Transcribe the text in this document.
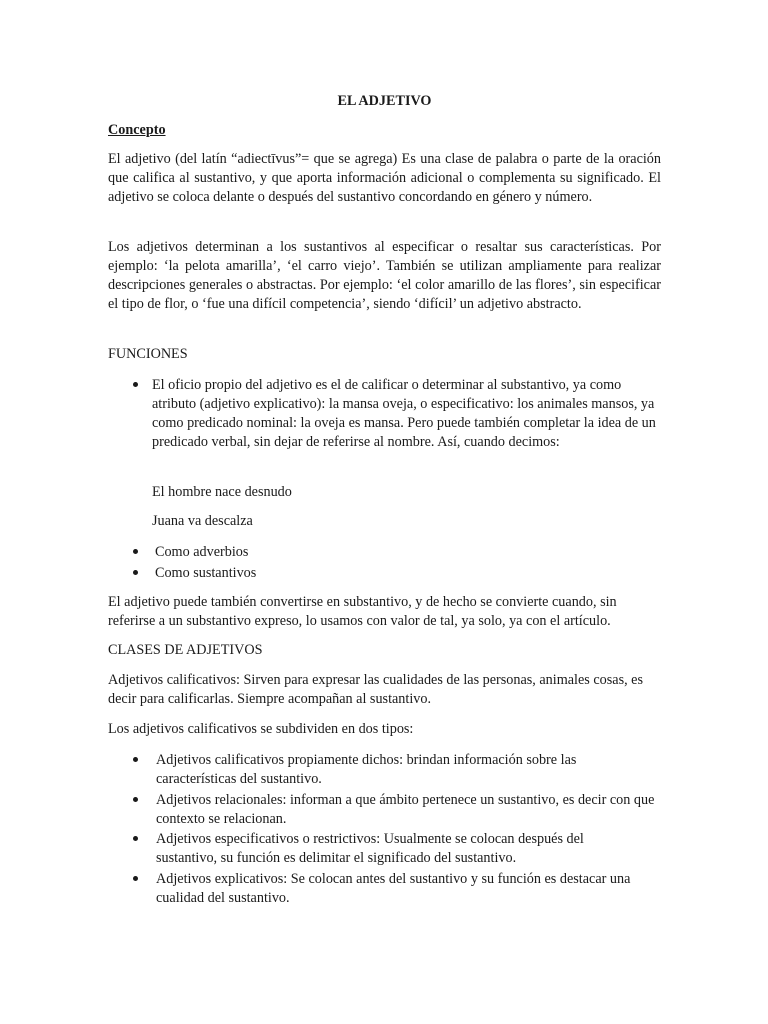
EL ADJETIVO
Concepto

El adjetivo (del latín “adiectīvus”= que se agrega) Es una clase de palabra o parte de la oración que califica al sustantivo, y que aporta información adicional o complementa su significado. El adjetivo se coloca delante o después del sustantivo concordando en género y número.

Los adjetivos determinan a los sustantivos al especificar o resaltar sus características. Por ejemplo: ‘la pelota amarilla’, ‘el carro viejo’. También se utilizan ampliamente para realizar descripciones generales o abstractas. Por ejemplo: ‘el color amarillo de las flores’, sin especificar el tipo de flor, o ‘fue una difícil competencia’, siendo ‘difícil’ un adjetivo abstracto.

FUNCIONES

El oficio propio del adjetivo es el de calificar o determinar al substantivo, ya como atributo (adjetivo explicativo): la mansa oveja, o especificativo: los animales mansos, ya como predicado nominal: la oveja es mansa. Pero puede también completar la idea de un predicado verbal, sin dejar de referirse al nombre. Así, cuando decimos:

El hombre nace desnudo

Juana va descalza

Como adverbios

Como sustantivos

El adjetivo puede también convertirse en substantivo, y de hecho se convierte cuando, sin referirse a un substantivo expreso, lo usamos con valor de tal, ya solo, ya con el artículo.

CLASES DE ADJETIVOS

Adjetivos calificativos: Sirven para expresar las cualidades de las personas, animales cosas, es decir para calificarlas. Siempre acompañan al sustantivo.

Los adjetivos calificativos se subdividen en dos tipos:

Adjetivos calificativos propiamente dichos: brindan información sobre las características del sustantivo.

Adjetivos relacionales: informan a que ámbito pertenece un sustantivo, es decir con que contexto se relacionan.

Adjetivos especificativos o restrictivos: Usualmente se colocan después del sustantivo, su función es delimitar el significado del sustantivo.

Adjetivos explicativos: Se colocan antes del sustantivo y su función es destacar una cualidad del sustantivo.
